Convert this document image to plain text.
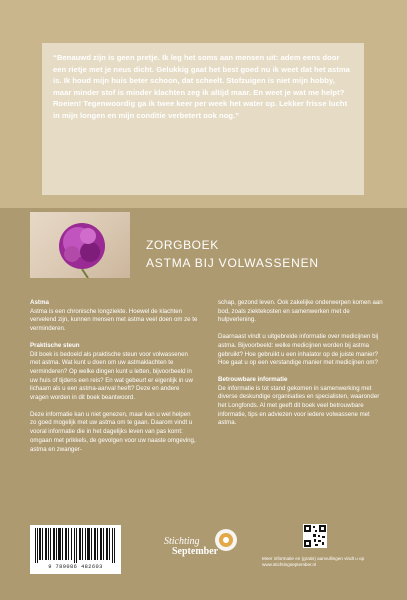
“Benauwd zijn is geen pretje. Ik leg het soms aan mensen uit: adem eens door een rietje met je neus dicht. Gelukkig gaat het best goed nu ik weet dat het astma is. Ik houd mijn huis beter schoon, dat scheelt. Stofzuigen is niet mijn hobby, maar minder stof is minder klachten zeg ik altijd maar. En weet je wat me helpt? Roeien! Tegenwoordig ga ik twee keer per week het water op. Lekker frisse lucht in mijn longen en mijn conditie verbetert ook nog.”

ZORGBOEK
ASTMA BIJ VOLWASSENEN
Astma

Astma is een chronische longziekte. Hoewel de klachten vervelend zijn, kunnen mensen met astma veel doen om ze te verminderen.

Praktische steun

Dit boek is bedoeld als praktische steun voor volwassenen met astma. Wat kunt u doen om uw astmaklachten te verminderen? Op welke dingen kunt u letten, bijvoorbeeld in uw huis of tijdens een reis? En wat gebeurt er eigenlijk in uw lichaam als u een astma-aanval heeft? Deze en andere vragen worden in dit boek beantwoord.

Deze informatie kan u niet genezen, maar kan u wel helpen zo goed mogelijk met uw astma om te gaan. Daarom vindt u vooral informatie die in het dagelijks leven van pas komt: omgaan met prikkels, de gevolgen voor uw naaste omgeving, astma en zwanger-

schap, gezond leven. Ook zakelijke onderwerpen komen aan bod, zoals ziektekosten en samenwerken met de hulpverlening.

Daarnaast vindt u uitgebreide informatie over medicijnen bij astma. Bijvoorbeeld: welke medicijnen worden bij astma gebruikt? Hoe gebruikt u een inhalator op de juiste manier? Hoe gaat u op een verstandige manier met medicijnen om?

Betrouwbare informatie

De informatie is tot stand gekomen in samenwerking met diverse deskundige organisaties en specialisten, waaronder het Longfonds. Al met geeft dit boek veel betrouwbare informatie, tips en adviezen voor iedere volwassene met astma.

9 789086 482603
Stichting
September
Meer informatie en (gratis) aanvullingen vindt u op www.stichtingseptember.nl
